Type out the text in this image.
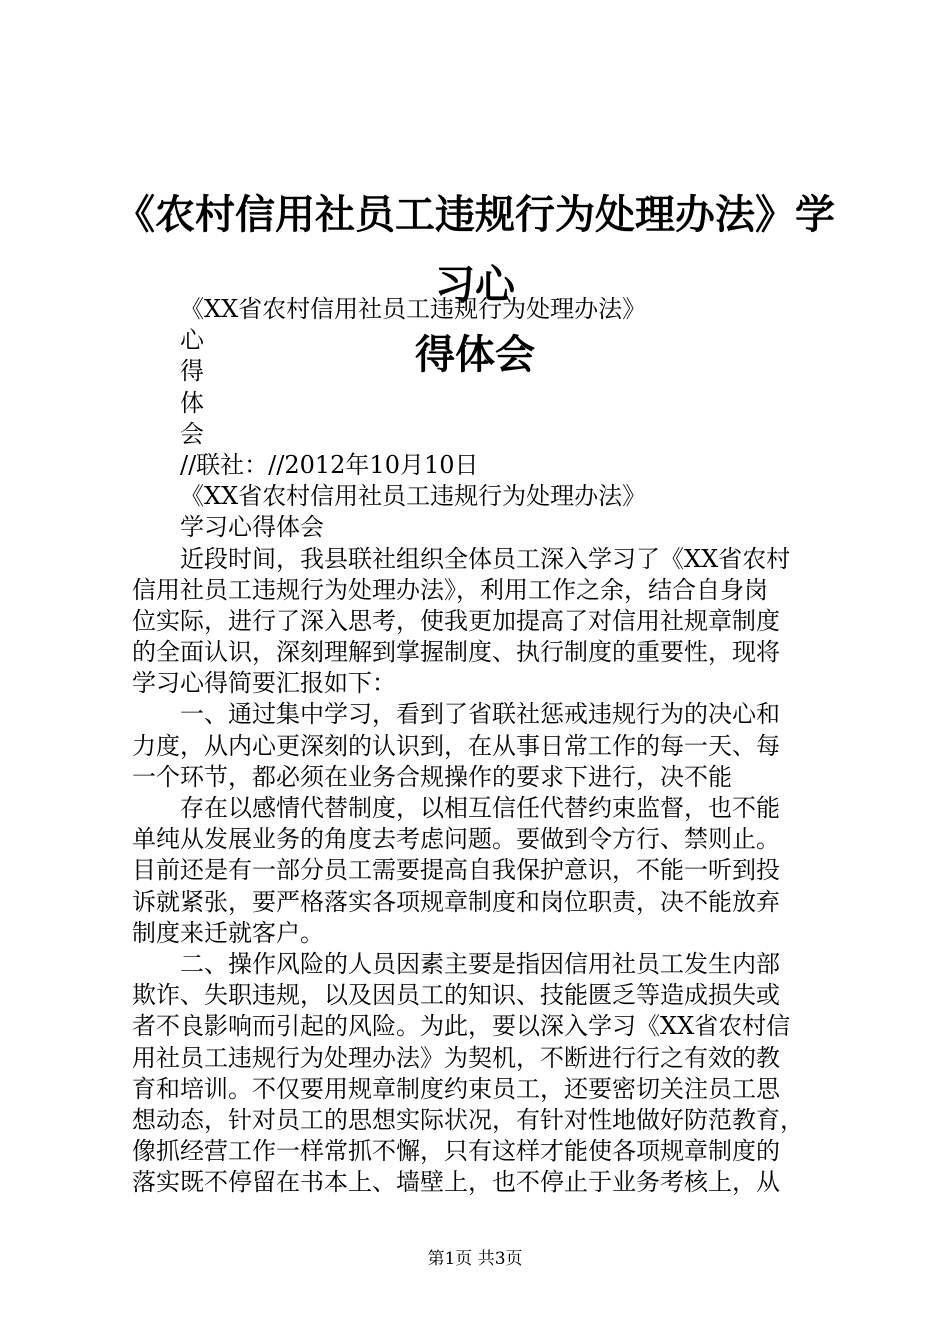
《农村信用社员工违规行为处理办法》学习心
得体会
《XX省农村信用社员工违规行为处理办法》
心
得
体
会
//联社：//2012年10月10日
《XX省农村信用社员工违规行为处理办法》
学习心得体会
近段时间，我县联社组织全体员工深入学习了《XX省农村
信用社员工违规行为处理办法》，利用工作之余，结合自身岗
位实际，进行了深入思考，使我更加提高了对信用社规章制度
的全面认识，深刻理解到掌握制度、执行制度的重要性，现将
学习心得简要汇报如下：
一、通过集中学习，看到了省联社惩戒违规行为的决心和
力度，从内心更深刻的认识到，在从事日常工作的每一天、每
一个环节，都必须在业务合规操作的要求下进行，决不能
存在以感情代替制度，以相互信任代替约束监督，也不能
单纯从发展业务的角度去考虑问题。要做到令方行、禁则止。
目前还是有一部分员工需要提高自我保护意识，不能一听到投
诉就紧张，要严格落实各项规章制度和岗位职责，决不能放弃
制度来迁就客户。
二、操作风险的人员因素主要是指因信用社员工发生内部
欺诈、失职违规，以及因员工的知识、技能匮乏等造成损失或
者不良影响而引起的风险。为此，要以深入学习《XX省农村信
用社员工违规行为处理办法》为契机，不断进行行之有效的教
育和培训。不仅要用规章制度约束员工，还要密切关注员工思
想动态，针对员工的思想实际状况，有针对性地做好防范教育，
像抓经营工作一样常抓不懈，只有这样才能使各项规章制度的
落实既不停留在书本上、墙壁上，也不停止于业务考核上，从
第1页 共3页
